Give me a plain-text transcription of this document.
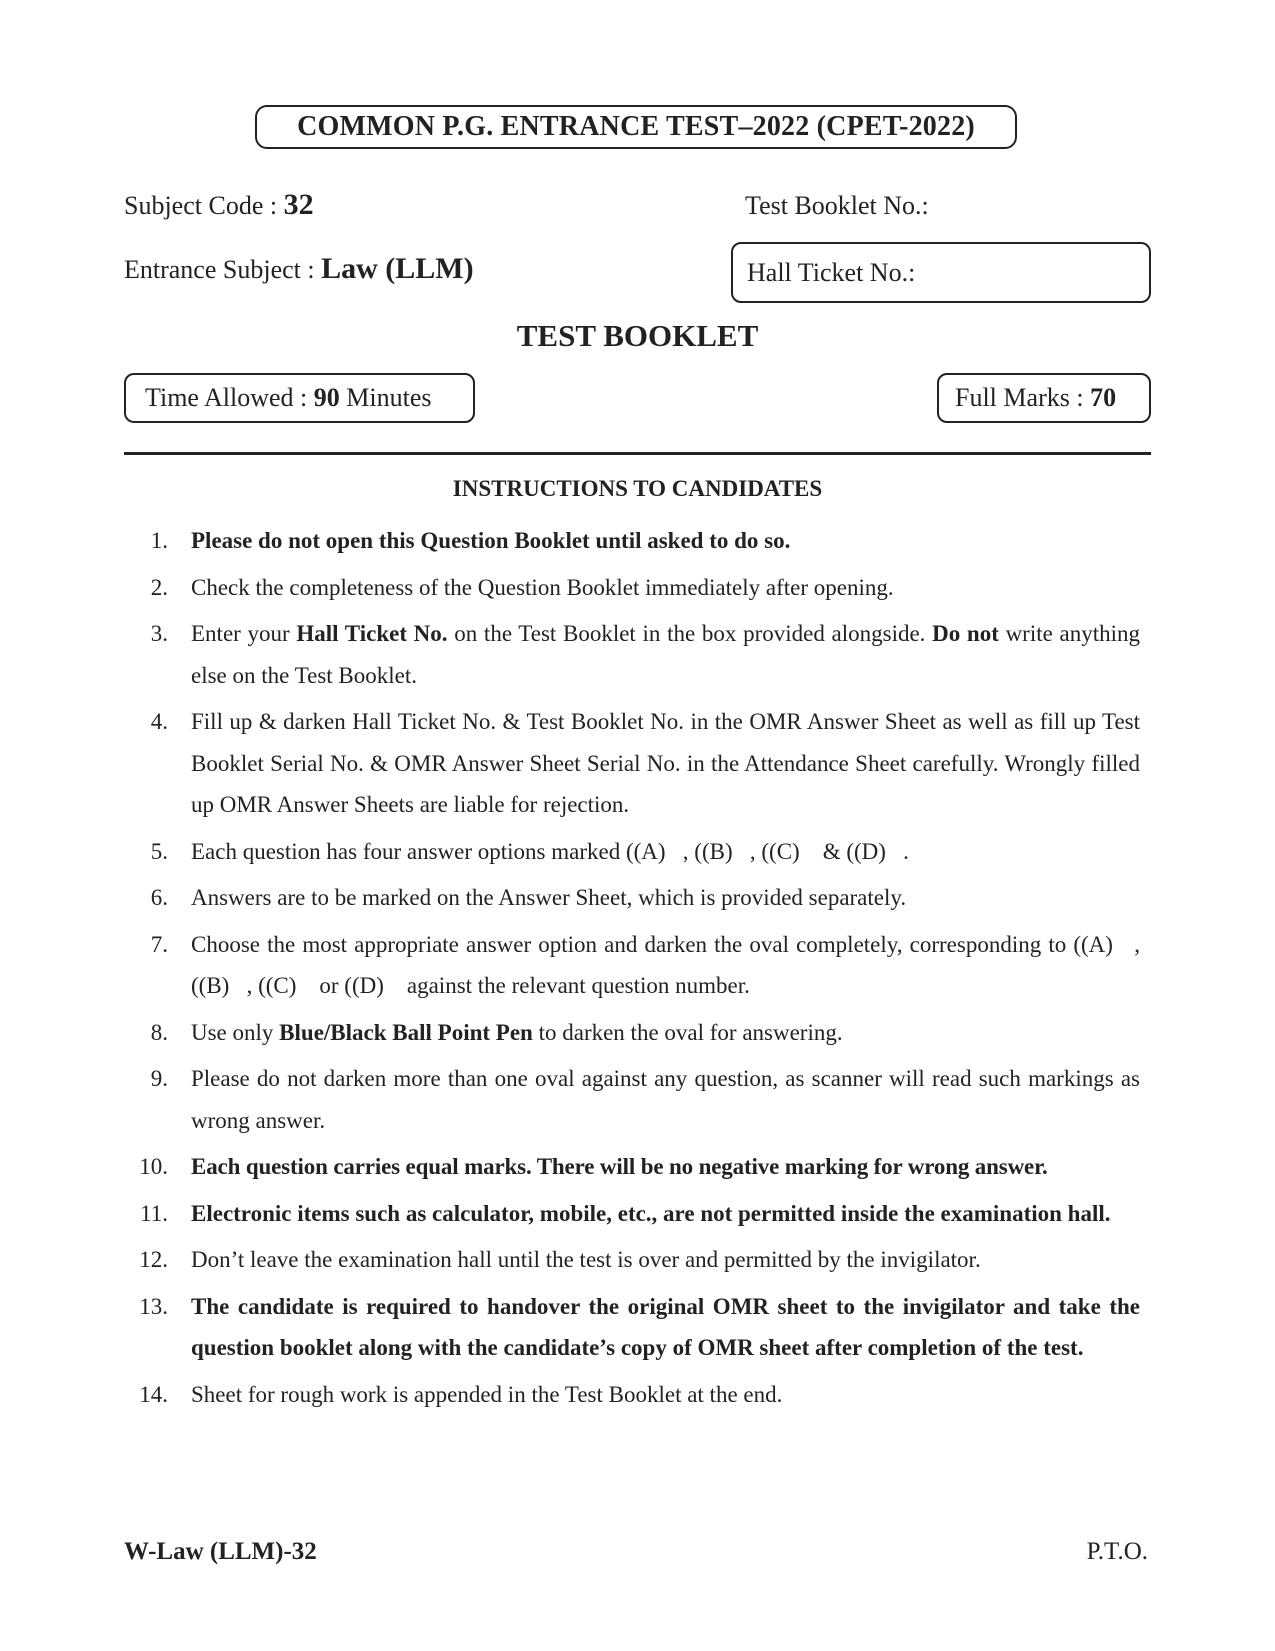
COMMON P.G. ENTRANCE TEST–2022 (CPET-2022)
Subject Code : 32	Test Booklet No.:
Entrance Subject : Law (LLM)	Hall Ticket No.:
TEST BOOKLET
Time Allowed :
90 Minutes	Full Marks : 70
INSTRUCTIONS TO CANDIDATES
1.	Please do not open this Question Booklet until asked to do so.
2.	Check the completeness of the Question Booklet immediately after opening.
3.	Enter your Hall Ticket No. on the Test Booklet in the box provided alongside. Do not write anything else on the Test Booklet.
4.	Fill up & darken Hall Ticket No. & Test Booklet No. in the OMR Answer Sheet as well as fill up Test Booklet Serial No. & OMR Answer Sheet Serial No. in the Attendance Sheet carefully. Wrongly filled up OMR Answer Sheets are liable for rejection.
5.	Each question has four answer options marked ((A)   , ((B)   , ((C)    & ((D)   .
6.	Answers are to be marked on the Answer Sheet, which is provided separately.
7.	Choose the most appropriate answer option and darken the oval completely, corresponding to ((A)   , ((B)   , ((C)    or ((D)    against the relevant question number.
8.	Use only Blue/Black Ball Point Pen to darken the oval for answering.
9.	Please do not darken more than one oval against any question, as scanner will read such markings as wrong answer.
10.	Each question carries equal marks. There will be no negative marking for wrong answer.
11.	Electronic items such as calculator, mobile, etc., are not permitted inside the examination hall.
12.	Don’t leave the examination hall until the test is over and permitted by the invigilator.
13.	The candidate is required to handover the original OMR sheet to the invigilator and take the question booklet along with the candidate’s copy of OMR sheet after completion of the test.
14.	Sheet for rough work is appended in the Test Booklet at the end.
W-Law (LLM)-32	P.T.O.
